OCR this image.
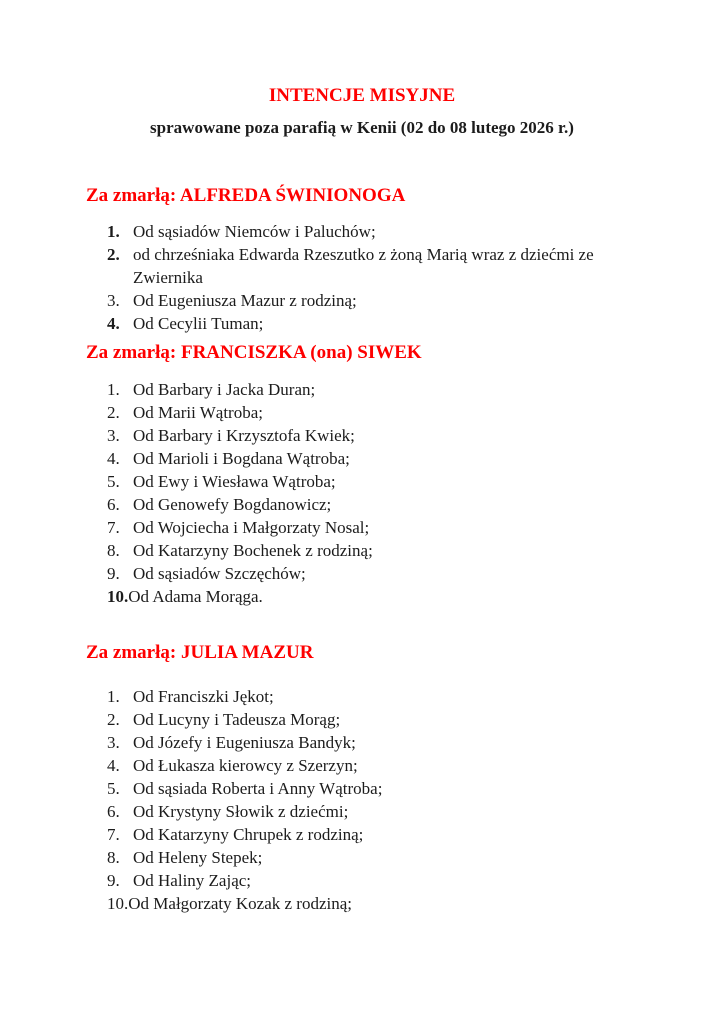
INTENCJE MISYJNE
sprawowane poza parafią w Kenii (02 do 08 lutego 2026 r.)
Za zmarłą: ALFREDA ŚWINIONOGA
1. Od sąsiadów Niemców i Paluchów;
2. od chrześniaka Edwarda Rzeszutko z żoną Marią wraz z dziećmi ze Zwiernika
3. Od Eugeniusza Mazur z rodziną;
4. Od Cecylii Tuman;
Za zmarłą: FRANCISZKA (ona) SIWEK
1. Od Barbary i Jacka Duran;
2. Od Marii Wątroba;
3. Od Barbary i Krzysztofa Kwiek;
4. Od Marioli i Bogdana Wątroba;
5. Od Ewy i Wiesława Wątroba;
6. Od Genowefy Bogdanowicz;
7. Od Wojciecha i Małgorzaty Nosal;
8. Od Katarzyny Bochenek z rodziną;
9. Od sąsiadów Szczęchów;
10. Od Adama Morąga.
Za zmarłą: JULIA MAZUR
1. Od Franciszki Jękot;
2. Od Lucyny i Tadeusza Morąg;
3. Od Józefy i Eugeniusza Bandyk;
4. Od Łukasza kierowcy z Szerzyn;
5. Od sąsiada Roberta i Anny Wątroba;
6. Od Krystyny Słowik z dziećmi;
7. Od Katarzyny Chrupek z rodziną;
8. Od Heleny Stepek;
9. Od Haliny Zając;
10. Od Małgorzaty Kozak z rodziną;
